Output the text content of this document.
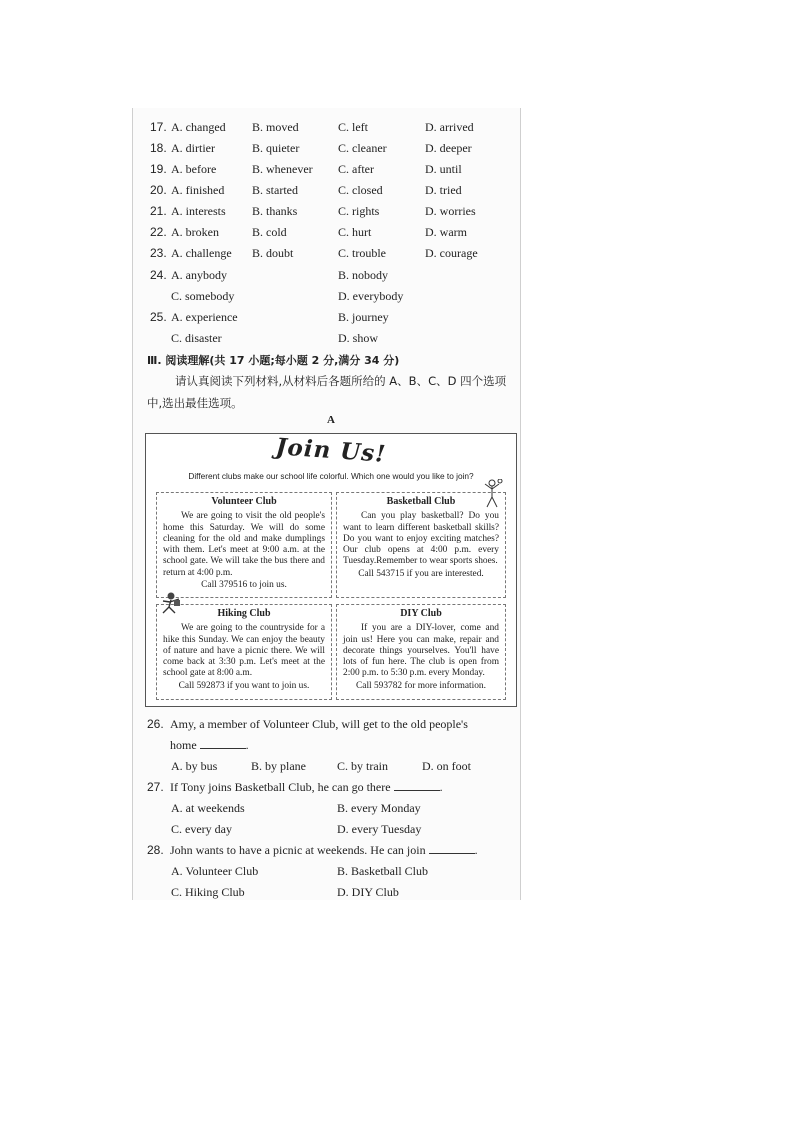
17. A. changed B. moved	C. left	D. arrived
18. A. dirtier	B. quieter	C. cleaner	D. deeper
19. A. before	B. whenever C. after	D. until
20. A. finished B. started	C. closed	D. tried
21. A. interests B. thanks	C. rights	D. worries
22. A. broken	B. cold	C. hurt	D. warm
23. A. challenge B. doubt	C. trouble	D. courage
24. A. anybody	B. nobody
C. somebody	D. everybody
25. A. experience	B. journey
C. disaster	D. show
Ⅲ. 阅读理解(共 17 小题;每小题 2 分,满分 34 分)
请认真阅读下列材料,从材料后各题所给的 A、B、C、D 四个选项
中,选出最佳选项。
A
Join Us!
Different clubs make our school life colorful. Which one would you like to join?
Volunteer Club
We are going to visit the old people's home this Saturday. We will do some cleaning for the old and make dumplings with them. Let's meet at 9:00 a.m. at the school gate. We will take the bus there and return at 4:00 p.m.
Call 379516 to join us.
Basketball Club
Can you play basketball? Do you want to learn different basketball skills? Do you want to enjoy exciting matches? Our club opens at 4:00 p.m. every Tuesday.Remember to wear sports shoes.
Call 543715 if you are interested.
Hiking Club
We are going to the countryside for a hike this Sunday. We can enjoy the beauty of nature and have a picnic there. We will come back at 3:30 p.m. Let's meet at the school gate at 8:00 a.m.
Call 592873 if you want to join us.
DIY Club
If you are a DIY-lover, come and join us! Here you can make, repair and decorate things yourselves. You'll have lots of fun here. The club is open from 2:00 p.m. to 5:30 p.m. every Monday.
Call 593782 for more information.
26. Amy, a member of Volunteer Club, will get to the old people's
home	.
A. by bus	B. by plane	C. by train	D. on foot
27. If Tony joins Basketball Club, he can go there	.
A. at weekends	B. every Monday
C. every day	D. every Tuesday
28. John wants to have a picnic at weekends. He can join	.
A. Volunteer Club	B. Basketball Club
C. Hiking Club	D. DIY Club
